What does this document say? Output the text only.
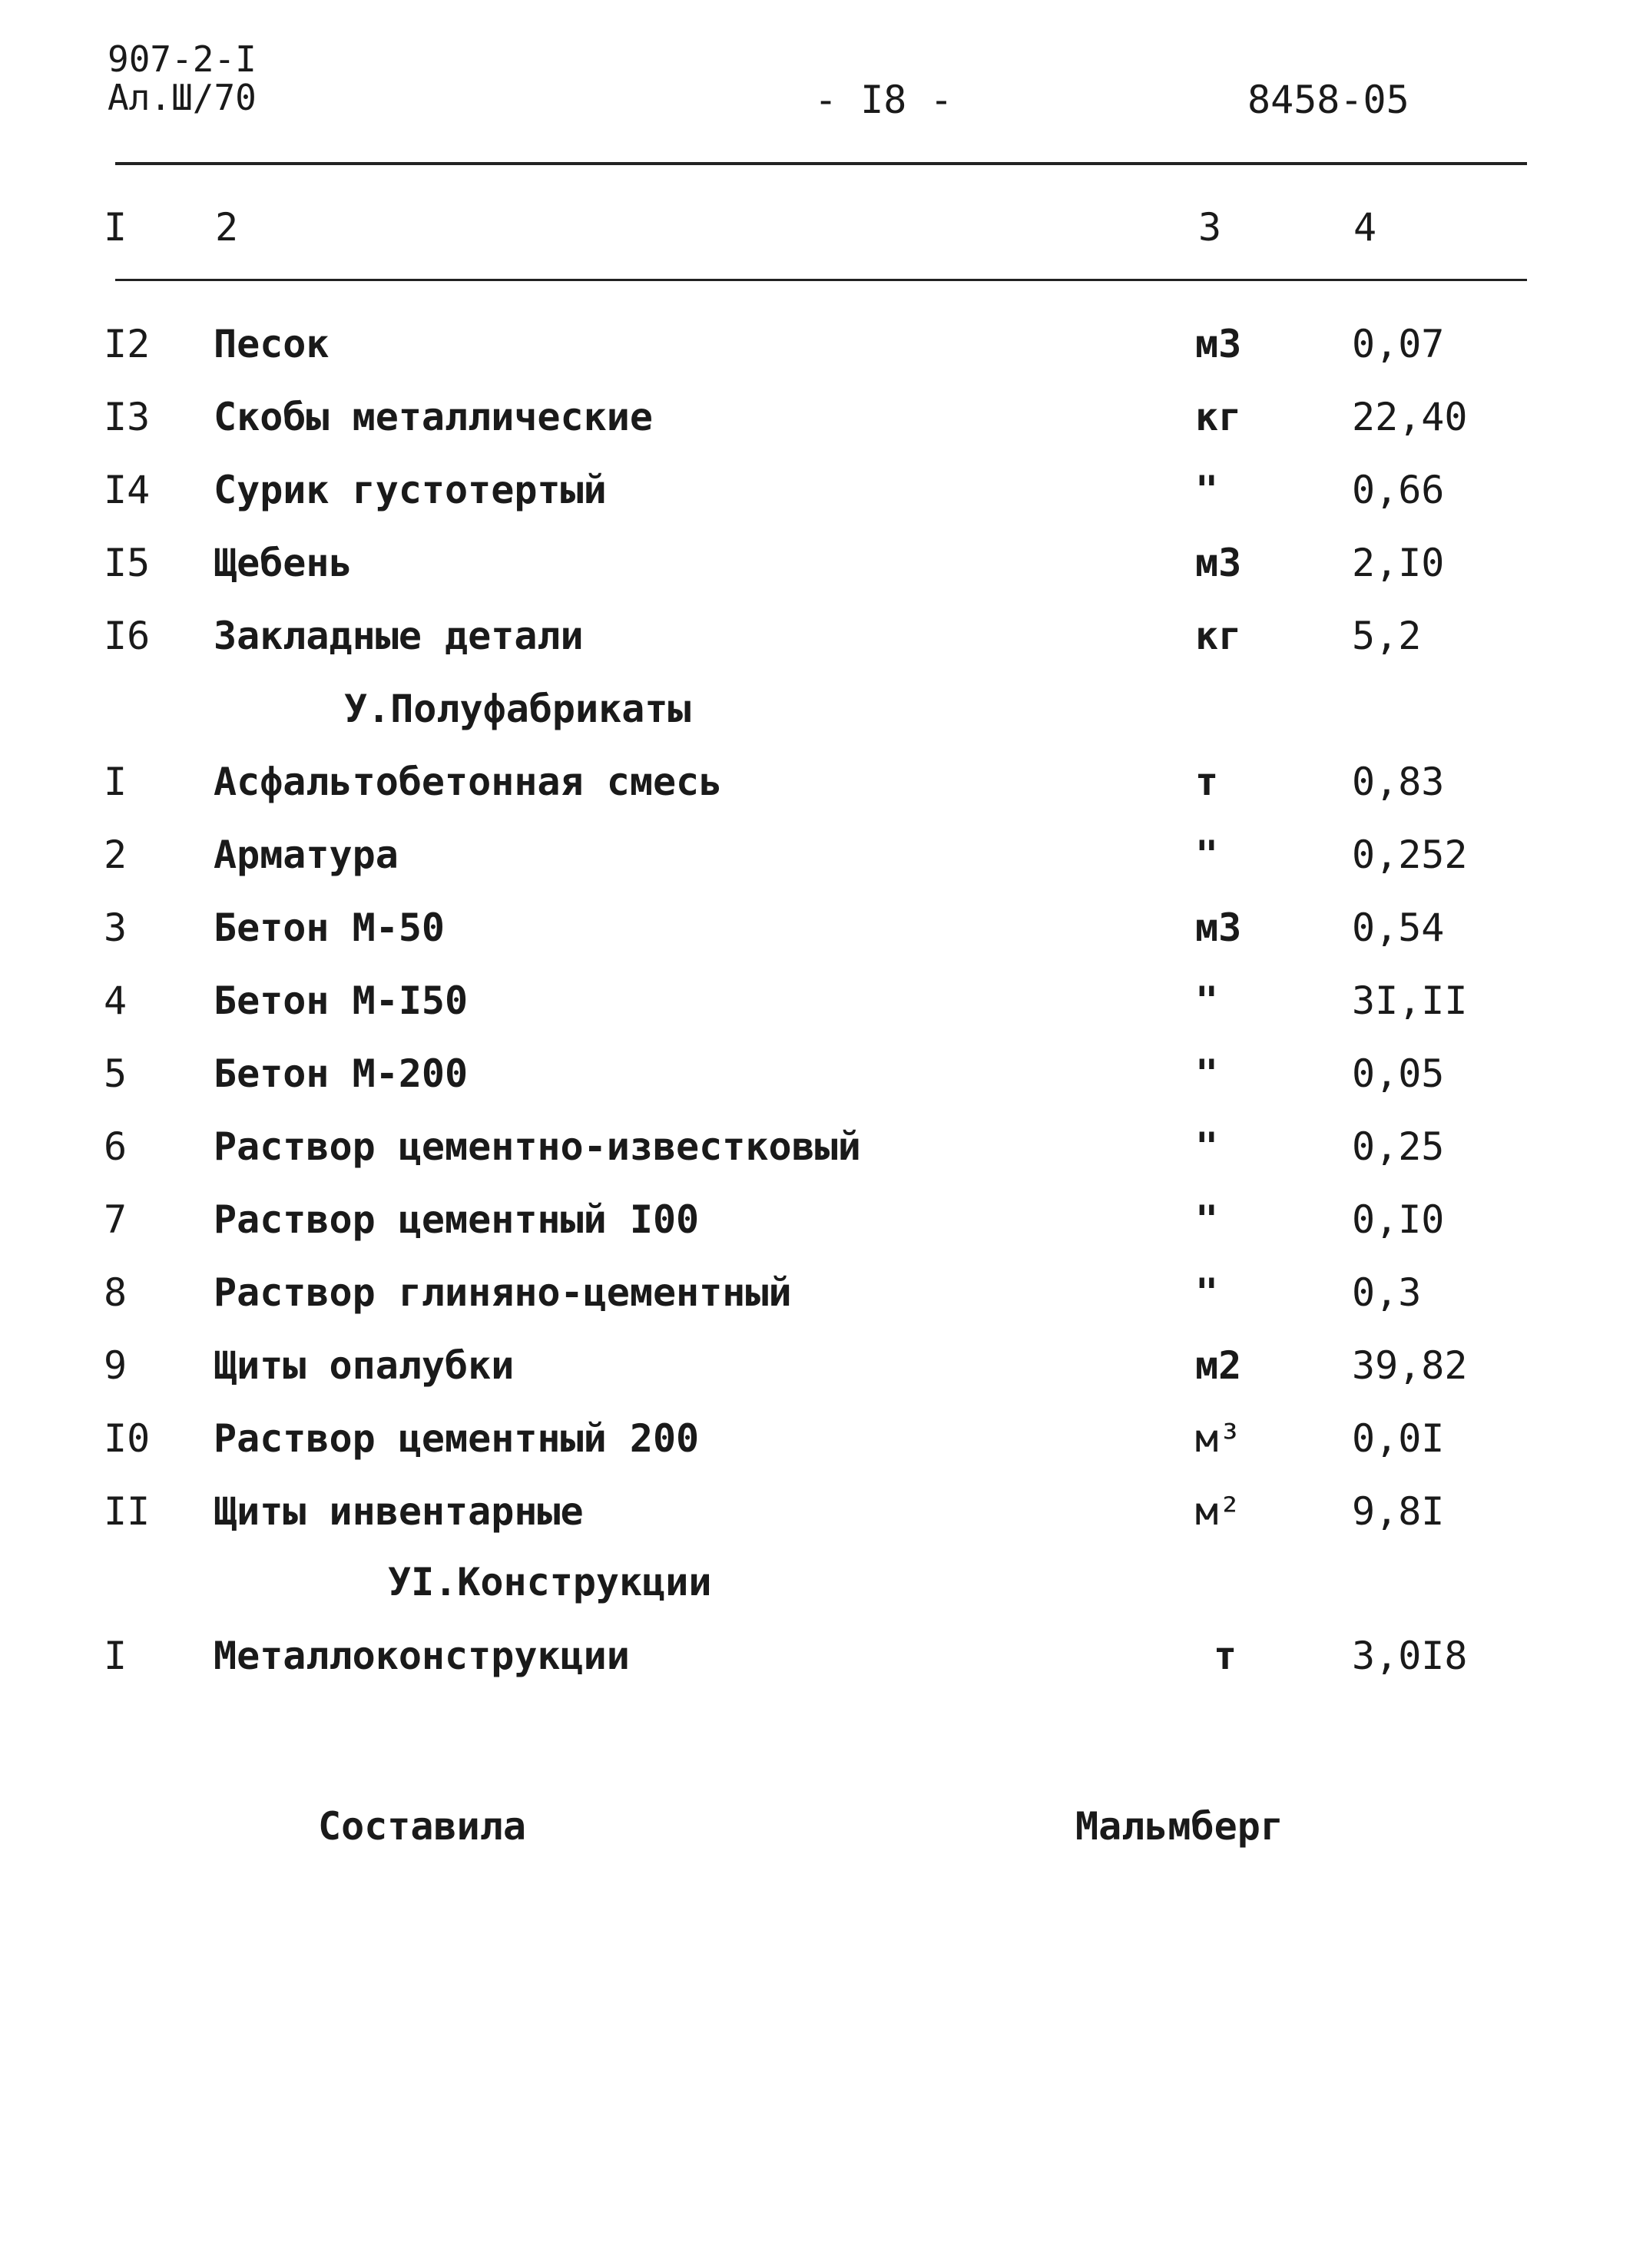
907-2-I
Ал.Ш/70	- I8 -	8458-05
I 2	3	4
I2 Песок	м3	0,07
I3 Скобы металлические	кг	22,40
I4 Сурик густотертый	"	0,66
I5 Щебень	м3	2,I0
I6 Закладные детали	кг	5,2
У.Полуфабрикаты
I Асфальтобетонная смесь	т	0,83
2 Арматура	"	0,252
3 Бетон М-50	м3	0,54
4 Бетон М-I50	"	3I,II
5 Бетон М-200	"	0,05
6 Раствор цементно-известковый	"	0,25
7 Раствор цементный I00	"	0,I0
8 Раствор глиняно-цементный	"	0,3
9 Щиты опалубки	м2	39,82
I0 Раствор цементный 200	м³	0,0I
II Щиты инвентарные	м²	9,8I
УI.Конструкции
I Металлоконструкции	т	3,0I8
Составила	Мальмберг
